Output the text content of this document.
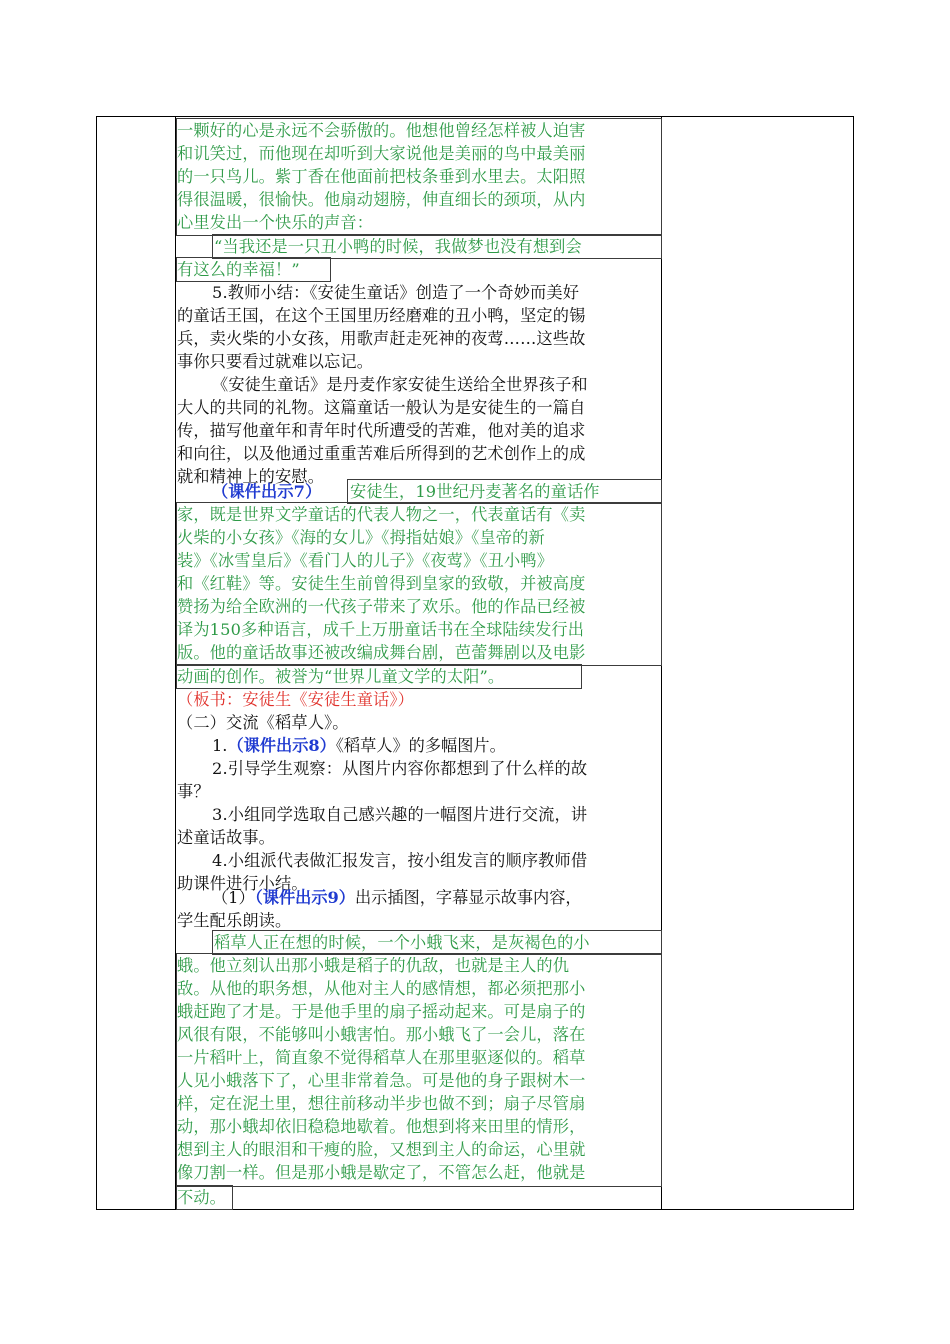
一颗好的心是永远不会骄傲的。他想他曾经怎样被人迫害
和讥笑过，而他现在却听到大家说他是美丽的鸟中最美丽
的一只鸟儿。紫丁香在他面前把枝条垂到水里去。太阳照
得很温暖，很愉快。他扇动翅膀，伸直细长的颈项，从内
心里发出一个快乐的声音：
“当我还是一只丑小鸭的时候，我做梦也没有想到会
有这么的幸福！”
5.教师小结：《安徒生童话》创造了一个奇妙而美好
的童话王国，在这个王国里历经磨难的丑小鸭，坚定的锡
兵，卖火柴的小女孩，用歌声赶走死神的夜莺……这些故
事你只要看过就难以忘记。
《安徒生童话》是丹麦作家安徒生送给全世界孩子和
大人的共同的礼物。这篇童话一般认为是安徒生的一篇自
传，描写他童年和青年时代所遭受的苦难，他对美的追求
和向往，以及他通过重重苦难后所得到的艺术创作上的成
就和精神上的安慰。
（课件出示7）	安徒生，19世纪丹麦著名的童话作
家，既是世界文学童话的代表人物之一，代表童话有《卖
火柴的小女孩》《海的女儿》《拇指姑娘》《皇帝的新
装》《冰雪皇后》《看门人的儿子》《夜莺》《丑小鸭》
和《红鞋》等。安徒生生前曾得到皇家的致敬，并被高度
赞扬为给全欧洲的一代孩子带来了欢乐。他的作品已经被
译为150多种语言，成千上万册童话书在全球陆续发行出
版。他的童话故事还被改编成舞台剧，芭蕾舞剧以及电影
动画的创作。被誉为“世界儿童文学的太阳”。
（板书：安徒生《安徒生童话》）
（二）交流《稻草人》。
1.（课件出示8）《稻草人》的多幅图片。
2.引导学生观察：从图片内容你都想到了什么样的故
事？
3.小组同学选取自己感兴趣的一幅图片进行交流，讲
述童话故事。
4.小组派代表做汇报发言，按小组发言的顺序教师借
助课件进行小结。
（1）（课件出示9）出示插图，字幕显示故事内容，
学生配乐朗读。
稻草人正在想的时候，一个小蛾飞来，是灰褐色的小
蛾。他立刻认出那小蛾是稻子的仇敌，也就是主人的仇
敌。从他的职务想，从他对主人的感情想，都必须把那小
蛾赶跑了才是。于是他手里的扇子摇动起来。可是扇子的
风很有限，不能够叫小蛾害怕。那小蛾飞了一会儿，落在
一片稻叶上，简直象不觉得稻草人在那里驱逐似的。稻草
人见小蛾落下了，心里非常着急。可是他的身子跟树木一
样，定在泥土里，想往前移动半步也做不到；扇子尽管扇
动，那小蛾却依旧稳稳地歇着。他想到将来田里的情形，
想到主人的眼泪和干瘦的脸，又想到主人的命运，心里就
像刀割一样。但是那小蛾是歇定了，不管怎么赶，他就是
不动。
